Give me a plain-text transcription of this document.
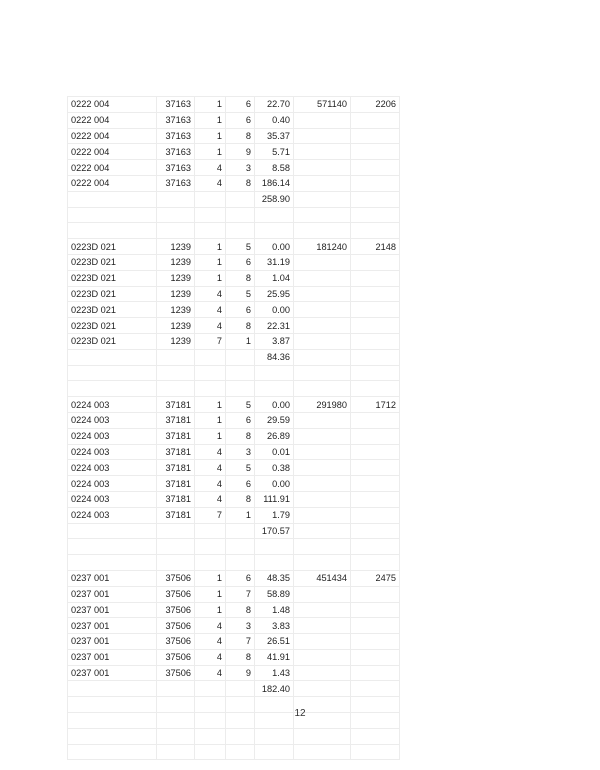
0222 004	37163	1	6	22.70	571140	2206
0222 004	37163	1	6	0.40		
0222 004	37163	1	8	35.37		
0222 004	37163	1	9	5.71		
0222 004	37163	4	3	8.58		
0222 004	37163	4	8	186.14		
				258.90		

0223D 021	1239	1	5	0.00	181240	2148
0223D 021	1239	1	6	31.19		
0223D 021	1239	1	8	1.04		
0223D 021	1239	4	5	25.95		
0223D 021	1239	4	6	0.00		
0223D 021	1239	4	8	22.31		
0223D 021	1239	7	1	3.87		
				84.36		

0224 003	37181	1	5	0.00	291980	1712
0224 003	37181	1	6	29.59		
0224 003	37181	1	8	26.89		
0224 003	37181	4	3	0.01		
0224 003	37181	4	5	0.38		
0224 003	37181	4	6	0.00		
0224 003	37181	4	8	111.91		
0224 003	37181	7	1	1.79		
				170.57		

0237 001	37506	1	6	48.35	451434	2475
0237 001	37506	1	7	58.89		
0237 001	37506	1	8	1.48		
0237 001	37506	4	3	3.83		
0237 001	37506	4	7	26.51		
0237 001	37506	4	8	41.91		
0237 001	37506	4	9	1.43		
				182.40		

12
